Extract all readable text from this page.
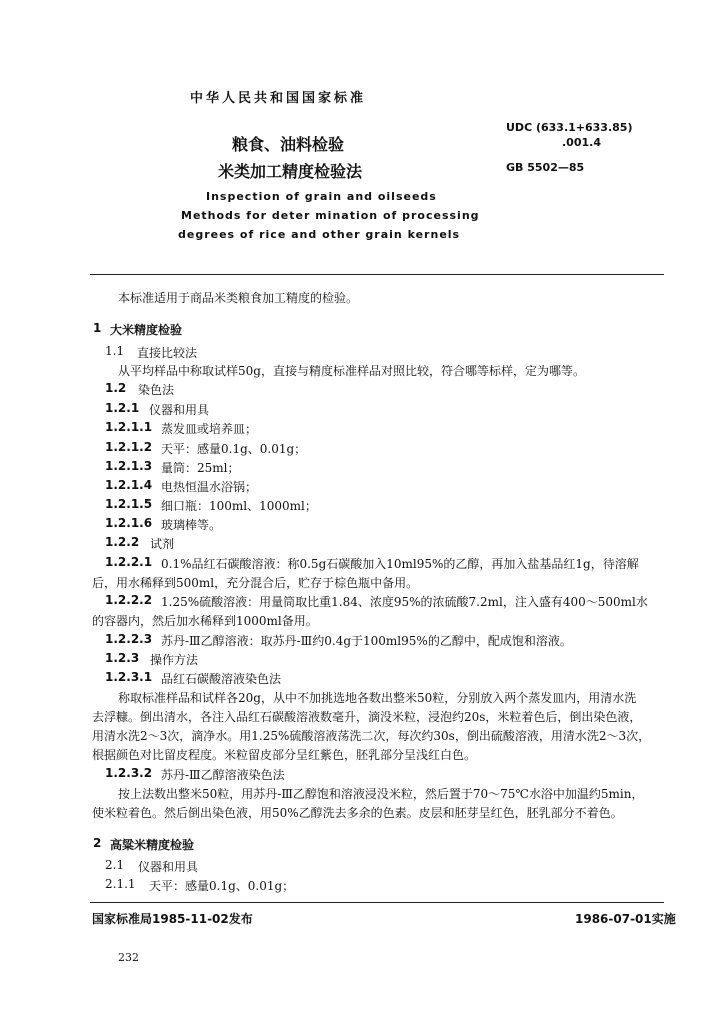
中华人民共和国国家标准
粮食、油料检验
米类加工精度检验法
UDC (633.1+633.85)
.001.4
GB 5502—85
Inspection of grain and oilseeds
Methods for deter mination of processing
degrees of rice and other grain kernels
本标准适用于商品米类粮食加工精度的检验。
1 大米精度检验
1.1 直接比较法
从平均样品中称取试样50g，直接与精度标准样品对照比较，符合哪等标样，定为哪等。
1.2 染色法
1.2.1 仪器和用具
1.2.1.1 蒸发皿或培养皿；
1.2.1.2 天平：感量0.1g、0.01g；
1.2.1.3 量筒：25ml；
1.2.1.4 电热恒温水浴锅；
1.2.1.5 细口瓶：100ml、1000ml；
1.2.1.6 玻璃棒等。
1.2.2 试剂
1.2.2.1 0.1%品红石碳酸溶液：称0.5g石碳酸加入10ml95%的乙醇，再加入盐基品红1g，待溶解
后，用水稀释到500ml，充分混合后，贮存于棕色瓶中备用。
1.2.2.2 1.25%硫酸溶液：用量筒取比重1.84、浓度95%的浓硫酸7.2ml，注入盛有400～500ml水
的容器内，然后加水稀释到1000ml备用。
1.2.2.3 苏丹-Ⅲ乙醇溶液：取苏丹-Ⅲ约0.4g于100ml95%的乙醇中，配成饱和溶液。
1.2.3 操作方法
1.2.3.1 品红石碳酸溶液染色法
称取标准样品和试样各20g，从中不加挑选地各数出整米50粒，分别放入两个蒸发皿内，用清水洗
去浮糠。倒出清水，各注入品红石碳酸溶液数毫升，滴没米粒，浸泡约20s，米粒着色后，倒出染色液，
用清水洗2～3次，滴净水。用1.25%硫酸溶液荡洗二次，每次约30s，倒出硫酸溶液，用清水洗2～3次，
根据颜色对比留皮程度。米粒留皮部分呈红紫色，胚乳部分呈浅红白色。
1.2.3.2 苏丹-Ⅲ乙醇溶液染色法
按上法数出整米50粒，用苏丹-Ⅲ乙醇饱和溶液浸没米粒，然后置于70～75℃水浴中加温约5min，
使米粒着色。然后倒出染色液，用50%乙醇洗去多余的色素。皮层和胚芽呈红色，胚乳部分不着色。
2 高粱米精度检验
2.1 仪器和用具
2.1.1 天平：感量0.1g、0.01g；
国家标准局1985-11-02发布	1986-07-01实施
232
